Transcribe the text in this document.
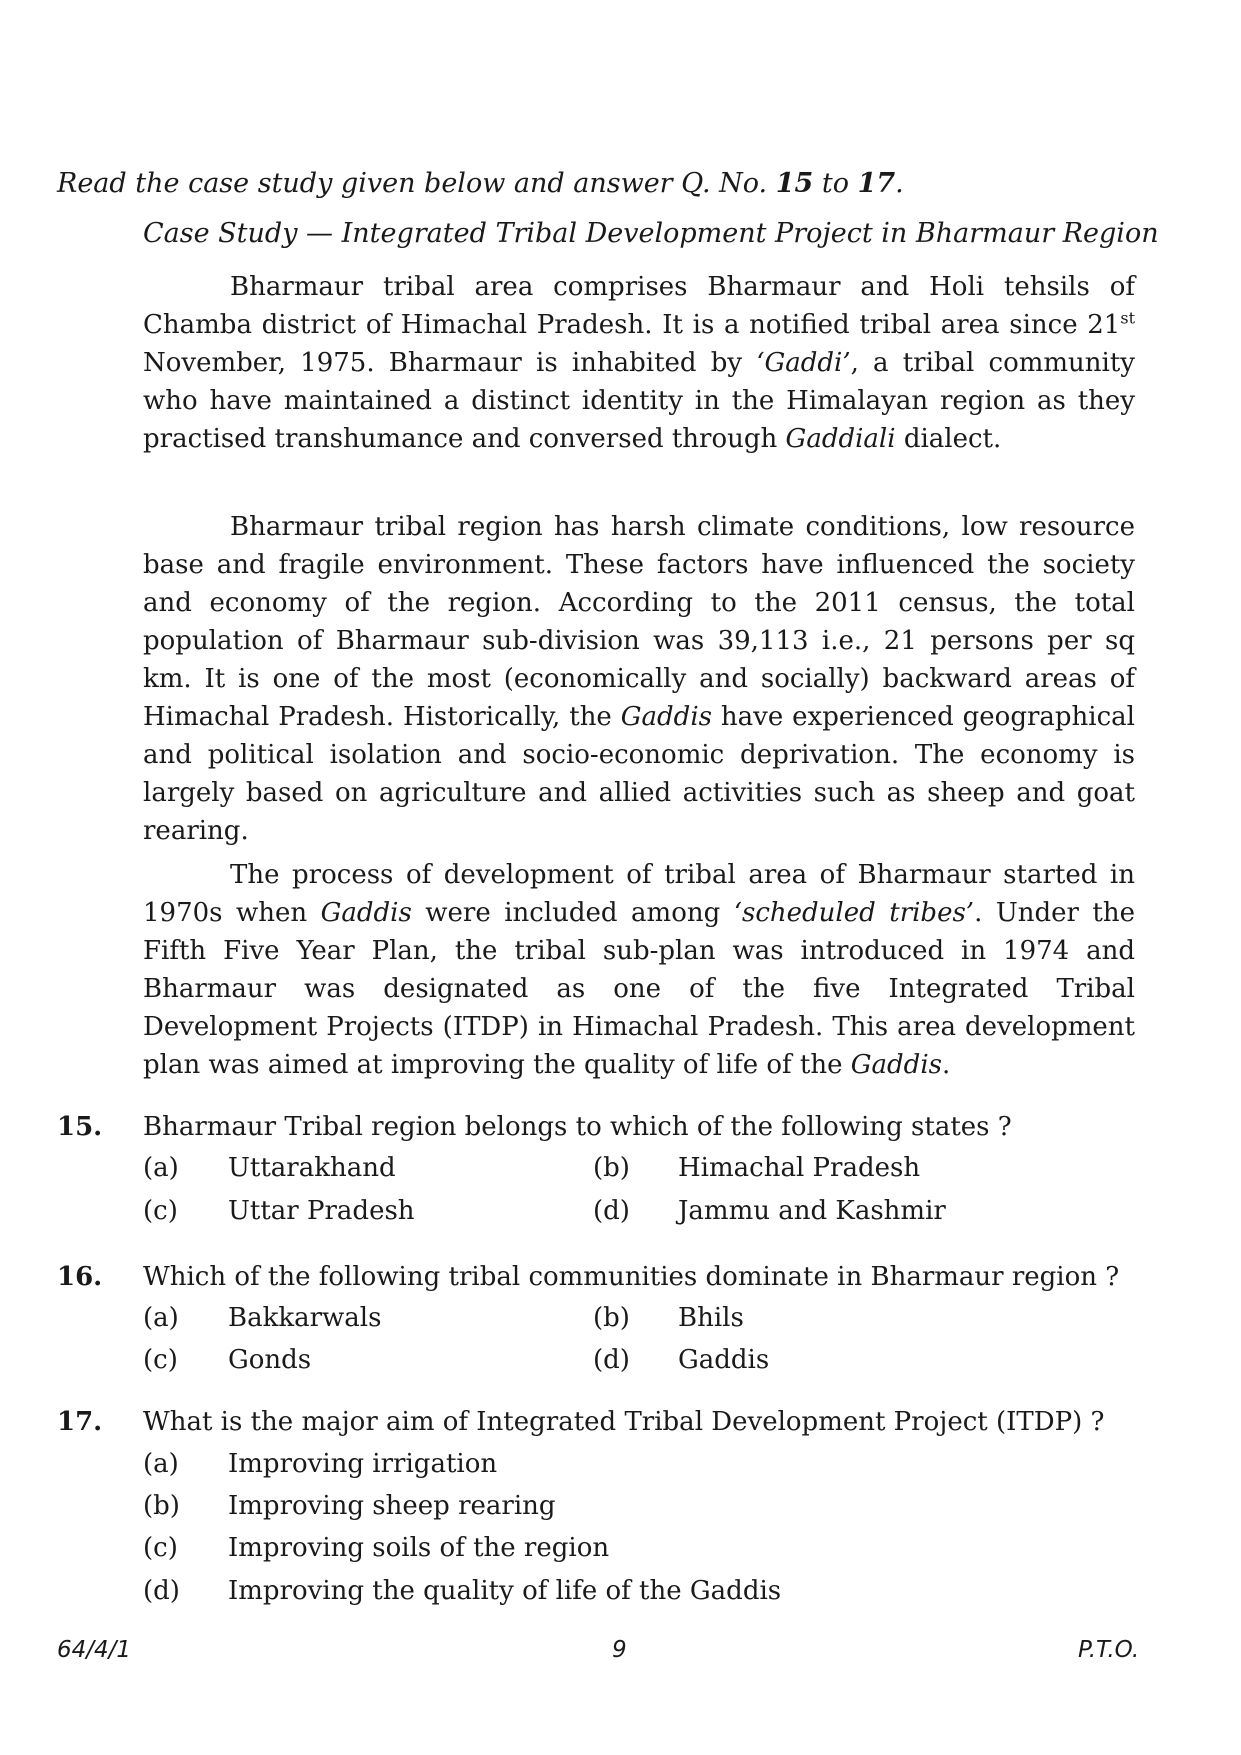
Read the case study given below and answer Q. No. 15 to 17.
Case Study — Integrated Tribal Development Project in Bharmaur Region

Bharmaur tribal area comprises Bharmaur and Holi tehsils of Chamba district of Himachal Pradesh. It is a notified tribal area since 21st November, 1975. Bharmaur is inhabited by ‘Gaddi’, a tribal community who have maintained a distinct identity in the Himalayan region as they practised transhumance and conversed through Gaddiali dialect.

Bharmaur tribal region has harsh climate conditions, low resource base and fragile environment. These factors have influenced the society and economy of the region. According to the 2011 census, the total population of Bharmaur sub-division was 39,113 i.e., 21 persons per sq km. It is one of the most (economically and socially) backward areas of Himachal Pradesh. Historically, the Gaddis have experienced geographical and political isolation and socio-economic deprivation. The economy is largely based on agriculture and allied activities such as sheep and goat rearing.

The process of development of tribal area of Bharmaur started in 1970s when Gaddis were included among ‘scheduled tribes’. Under the Fifth Five Year Plan, the tribal sub-plan was introduced in 1974 and Bharmaur was designated as one of the five Integrated Tribal Development Projects (ITDP) in Himachal Pradesh. This area development plan was aimed at improving the quality of life of the Gaddis.

15. Bharmaur Tribal region belongs to which of the following states ?
(a) Uttarakhand	(b) Himachal Pradesh
(c) Uttar Pradesh	(d) Jammu and Kashmir
16. Which of the following tribal communities dominate in Bharmaur region ?
(a) Bakkarwals	(b) Bhils
(c) Gonds	(d) Gaddis
17. What is the major aim of Integrated Tribal Development Project (ITDP) ?
(a) Improving irrigation
(b) Improving sheep rearing
(c) Improving soils of the region
(d) Improving the quality of life of the Gaddis
64/4/1	9	P.T.O.
